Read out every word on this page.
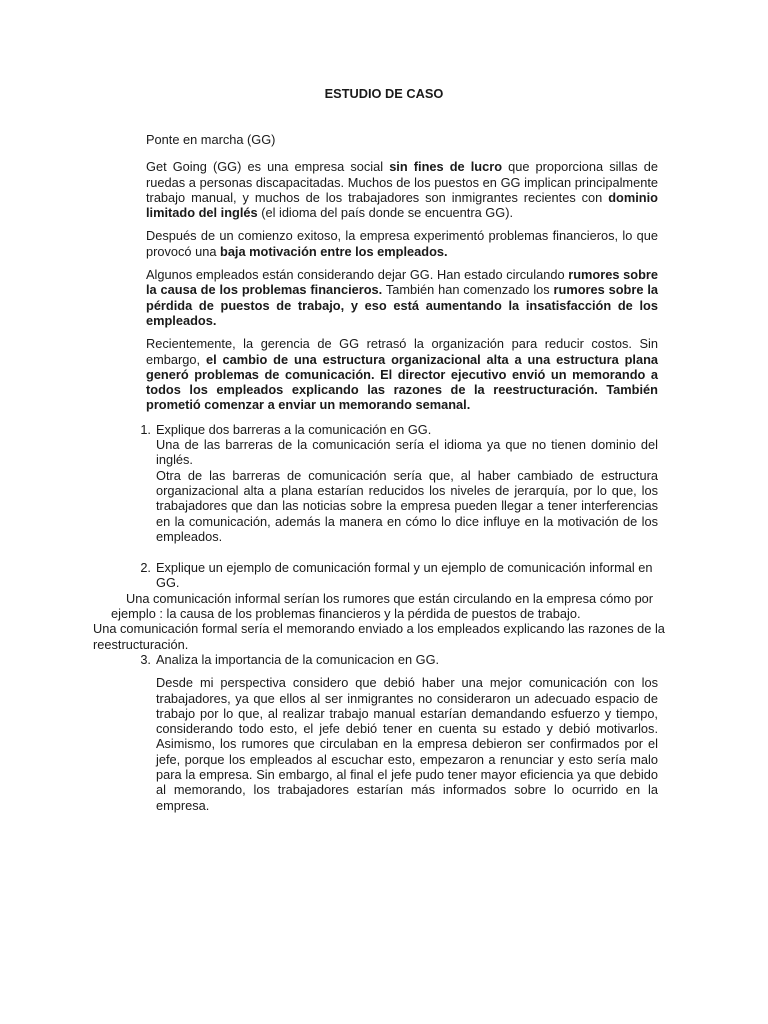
ESTUDIO DE CASO

Ponte en marcha (GG)

Get Going (GG) es una empresa social sin fines de lucro que proporciona sillas de ruedas a personas discapacitadas. Muchos de los puestos en GG implican principalmente trabajo manual, y muchos de los trabajadores son inmigrantes recientes con dominio limitado del inglés (el idioma del país donde se encuentra GG).

Después de un comienzo exitoso, la empresa experimentó problemas financieros, lo que provocó una baja motivación entre los empleados.

Algunos empleados están considerando dejar GG. Han estado circulando rumores sobre la causa de los problemas financieros. También han comenzado los rumores sobre la pérdida de puestos de trabajo, y eso está aumentando la insatisfacción de los empleados.

Recientemente, la gerencia de GG retrasó la organización para reducir costos. Sin embargo, el cambio de una estructura organizacional alta a una estructura plana generó problemas de comunicación. El director ejecutivo envió un memorando a todos los empleados explicando las razones de la reestructuración. También prometió comenzar a enviar un memorando semanal.

1. Explique dos barreras a la comunicación en GG.

Una de las barreras de la comunicación sería el idioma ya que no tienen dominio del inglés.

Otra de las barreras de comunicación sería que, al haber cambiado de estructura organizacional alta a plana estarían reducidos los niveles de jerarquía, por lo que, los trabajadores que dan las noticias sobre la empresa pueden llegar a tener interferencias en la comunicación, además la manera en cómo lo dice influye en la motivación de los empleados.

2. Explique un ejemplo de comunicación formal y un ejemplo de comunicación informal en GG.

Una comunicación informal serían los rumores que están circulando en la empresa cómo por ejemplo : la causa de los problemas financieros y la pérdida de puestos de trabajo.

Una comunicación formal sería el memorando enviado a los empleados explicando las razones de la reestructuración.

3. Analiza la importancia de la comunicacion en GG.

Desde mi perspectiva considero que debió haber una mejor comunicación con los trabajadores, ya que ellos al ser inmigrantes no consideraron un adecuado espacio de trabajo por lo que, al realizar trabajo manual estarían demandando esfuerzo y tiempo, considerando todo esto, el jefe debió tener en cuenta su estado y debió motivarlos. Asimismo, los rumores que circulaban en la empresa debieron ser confirmados por el jefe, porque los empleados al escuchar esto, empezaron a renunciar y esto sería malo para la empresa. Sin embargo, al final el jefe pudo tener mayor eficiencia ya que debido al memorando, los trabajadores estarían más informados sobre lo ocurrido en la empresa.
